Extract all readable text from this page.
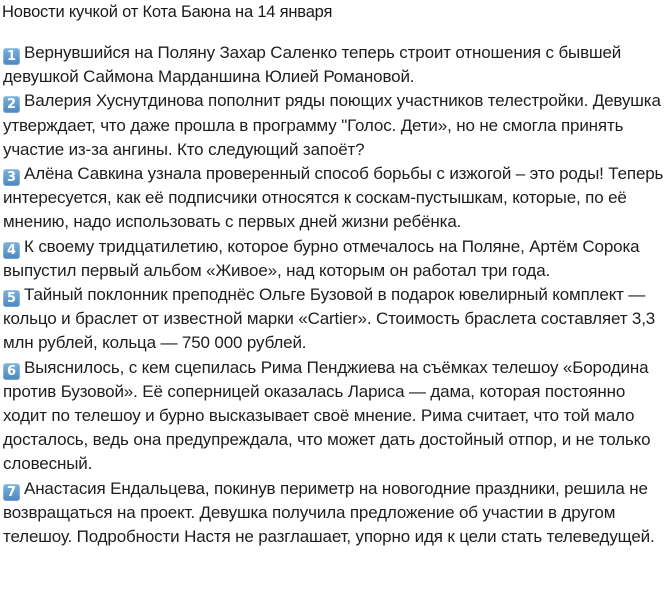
Новости кучкой от Кота Баюна на 14 января

1 Вернувшийся на Поляну Захар Саленко теперь строит отношения с бывшей девушкой Саймона Марданшина Юлией Романовой.

2 Валерия Хуснутдинова пополнит ряды поющих участников телестройки. Девушка утверждает, что даже прошла в программу "Голос. Дети», но не смогла принять участие из-за ангины. Кто следующий запоёт?

3 Алёна Савкина узнала проверенный способ борьбы с изжогой – это роды! Теперь интересуется, как её подписчики относятся к соскам-пустышкам, которые, по её мнению, надо использовать с первых дней жизни ребёнка.

4 К своему тридцатилетию, которое бурно отмечалось на Поляне, Артём Сорока выпустил первый альбом «Живое», над которым он работал три года.

5 Тайный поклонник преподнёс Ольге Бузовой в подарок ювелирный комплект — кольцо и браслет от известной марки «Cartier». Стоимость браслета составляет 3,3 млн рублей, кольца — 750 000 рублей.

6 Выяснилось, с кем сцепилась Рима Пенджиева на съёмках телешоу «Бородина против Бузовой». Её соперницей оказалась Лариса — дама, которая постоянно ходит по телешоу и бурно высказывает своё мнение. Рима считает, что той мало досталось, ведь она предупреждала, что может дать достойный отпор, и не только словесный.

7 Анастасия Ендальцева, покинув периметр на новогодние праздники, решила не возвращаться на проект. Девушка получила предложение об участии в другом телешоу. Подробности Настя не разглашает, упорно идя к цели стать телеведущей.
